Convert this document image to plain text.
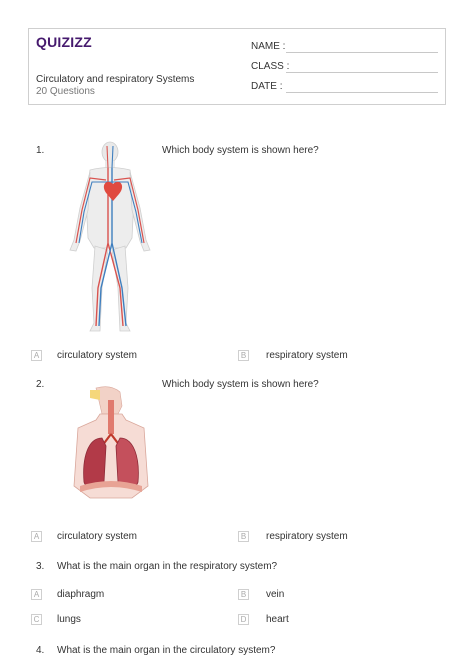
QUIZIZZ
Circulatory and respiratory Systems
20 Questions
NAME :
CLASS :
DATE :
1.	Which body system is shown here?
A circulatory system	B respiratory system
2.	Which body system is shown here?
A circulatory system	B respiratory system
3. What is the main organ in the respiratory system?
A diaphragm	B vein
C lungs	D heart
4. What is the main organ in the circulatory system?
